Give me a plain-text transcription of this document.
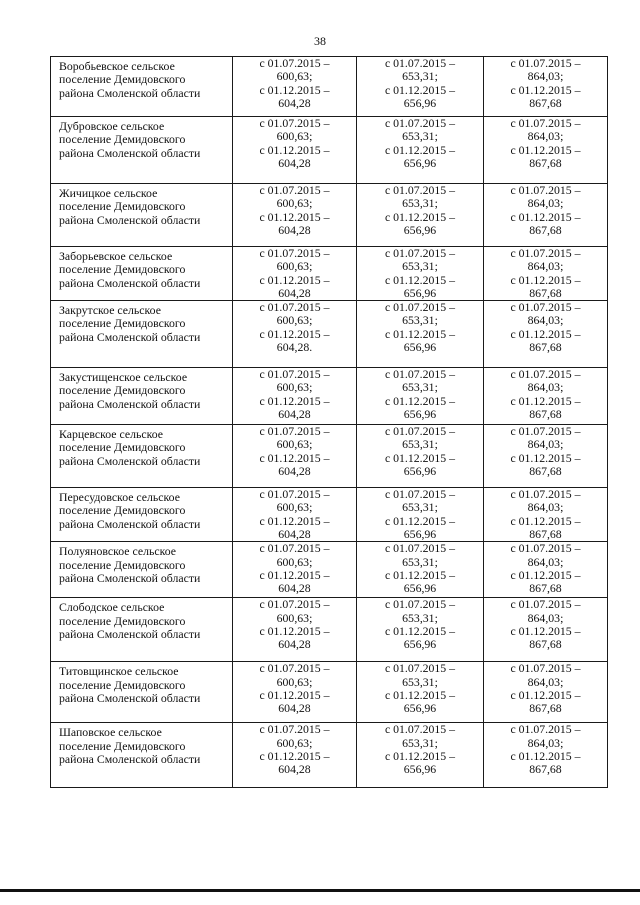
38
Воробьевское сельское
поселение Демидовского
района Смоленской области	с 01.07.2015 –
600,63;
с 01.12.2015 –
604,28	с 01.07.2015 –
653,31;
с 01.12.2015 –
656,96	с 01.07.2015 –
864,03;
с 01.12.2015 –
867,68

Дубровское сельское
поселение Демидовского
района Смоленской области	с 01.07.2015 –
600,63;
с 01.12.2015 –
604,28	с 01.07.2015 –
653,31;
с 01.12.2015 –
656,96	с 01.07.2015 –
864,03;
с 01.12.2015 –
867,68

Жичицкое сельское
поселение Демидовского
района Смоленской области	с 01.07.2015 –
600,63;
с 01.12.2015 –
604,28	с 01.07.2015 –
653,31;
с 01.12.2015 –
656,96	с 01.07.2015 –
864,03;
с 01.12.2015 –
867,68

Заборьевское сельское
поселение Демидовского
района Смоленской области	с 01.07.2015 –
600,63;
с 01.12.2015 –
604,28	с 01.07.2015 –
653,31;
с 01.12.2015 –
656,96	с 01.07.2015 –
864,03;
с 01.12.2015 –
867,68

Закрутское сельское
поселение Демидовского
района Смоленской области	с 01.07.2015 –
600,63;
с 01.12.2015 –
604,28.	с 01.07.2015 –
653,31;
с 01.12.2015 –
656,96	с 01.07.2015 –
864,03;
с 01.12.2015 –
867,68

Закустищенское сельское
поселение Демидовского
района Смоленской области	с 01.07.2015 –
600,63;
с 01.12.2015 –
604,28	с 01.07.2015 –
653,31;
с 01.12.2015 –
656,96	с 01.07.2015 –
864,03;
с 01.12.2015 –
867,68

Карцевское сельское
поселение Демидовского
района Смоленской области	с 01.07.2015 –
600,63;
с 01.12.2015 –
604,28	с 01.07.2015 –
653,31;
с 01.12.2015 –
656,96	с 01.07.2015 –
864,03;
с 01.12.2015 –
867,68

Пересудовское сельское
поселение Демидовского
района Смоленской области	с 01.07.2015 –
600,63;
с 01.12.2015 –
604,28	с 01.07.2015 –
653,31;
с 01.12.2015 –
656,96	с 01.07.2015 –
864,03;
с 01.12.2015 –
867,68

Полуяновское сельское
поселение Демидовского
района Смоленской области	с 01.07.2015 –
600,63;
с 01.12.2015 –
604,28	с 01.07.2015 –
653,31;
с 01.12.2015 –
656,96	с 01.07.2015 –
864,03;
с 01.12.2015 –
867,68

Слободское сельское
поселение Демидовского
района Смоленской области	с 01.07.2015 –
600,63;
с 01.12.2015 –
604,28	с 01.07.2015 –
653,31;
с 01.12.2015 –
656,96	с 01.07.2015 –
864,03;
с 01.12.2015 –
867,68

Титовщинское сельское
поселение Демидовского
района Смоленской области	с 01.07.2015 –
600,63;
с 01.12.2015 –
604,28	с 01.07.2015 –
653,31;
с 01.12.2015 –
656,96	с 01.07.2015 –
864,03;
с 01.12.2015 –
867,68

Шаповское сельское
поселение Демидовского
района Смоленской области	с 01.07.2015 –
600,63;
с 01.12.2015 –
604,28	с 01.07.2015 –
653,31;
с 01.12.2015 –
656,96	с 01.07.2015 –
864,03;
с 01.12.2015 –
867,68
